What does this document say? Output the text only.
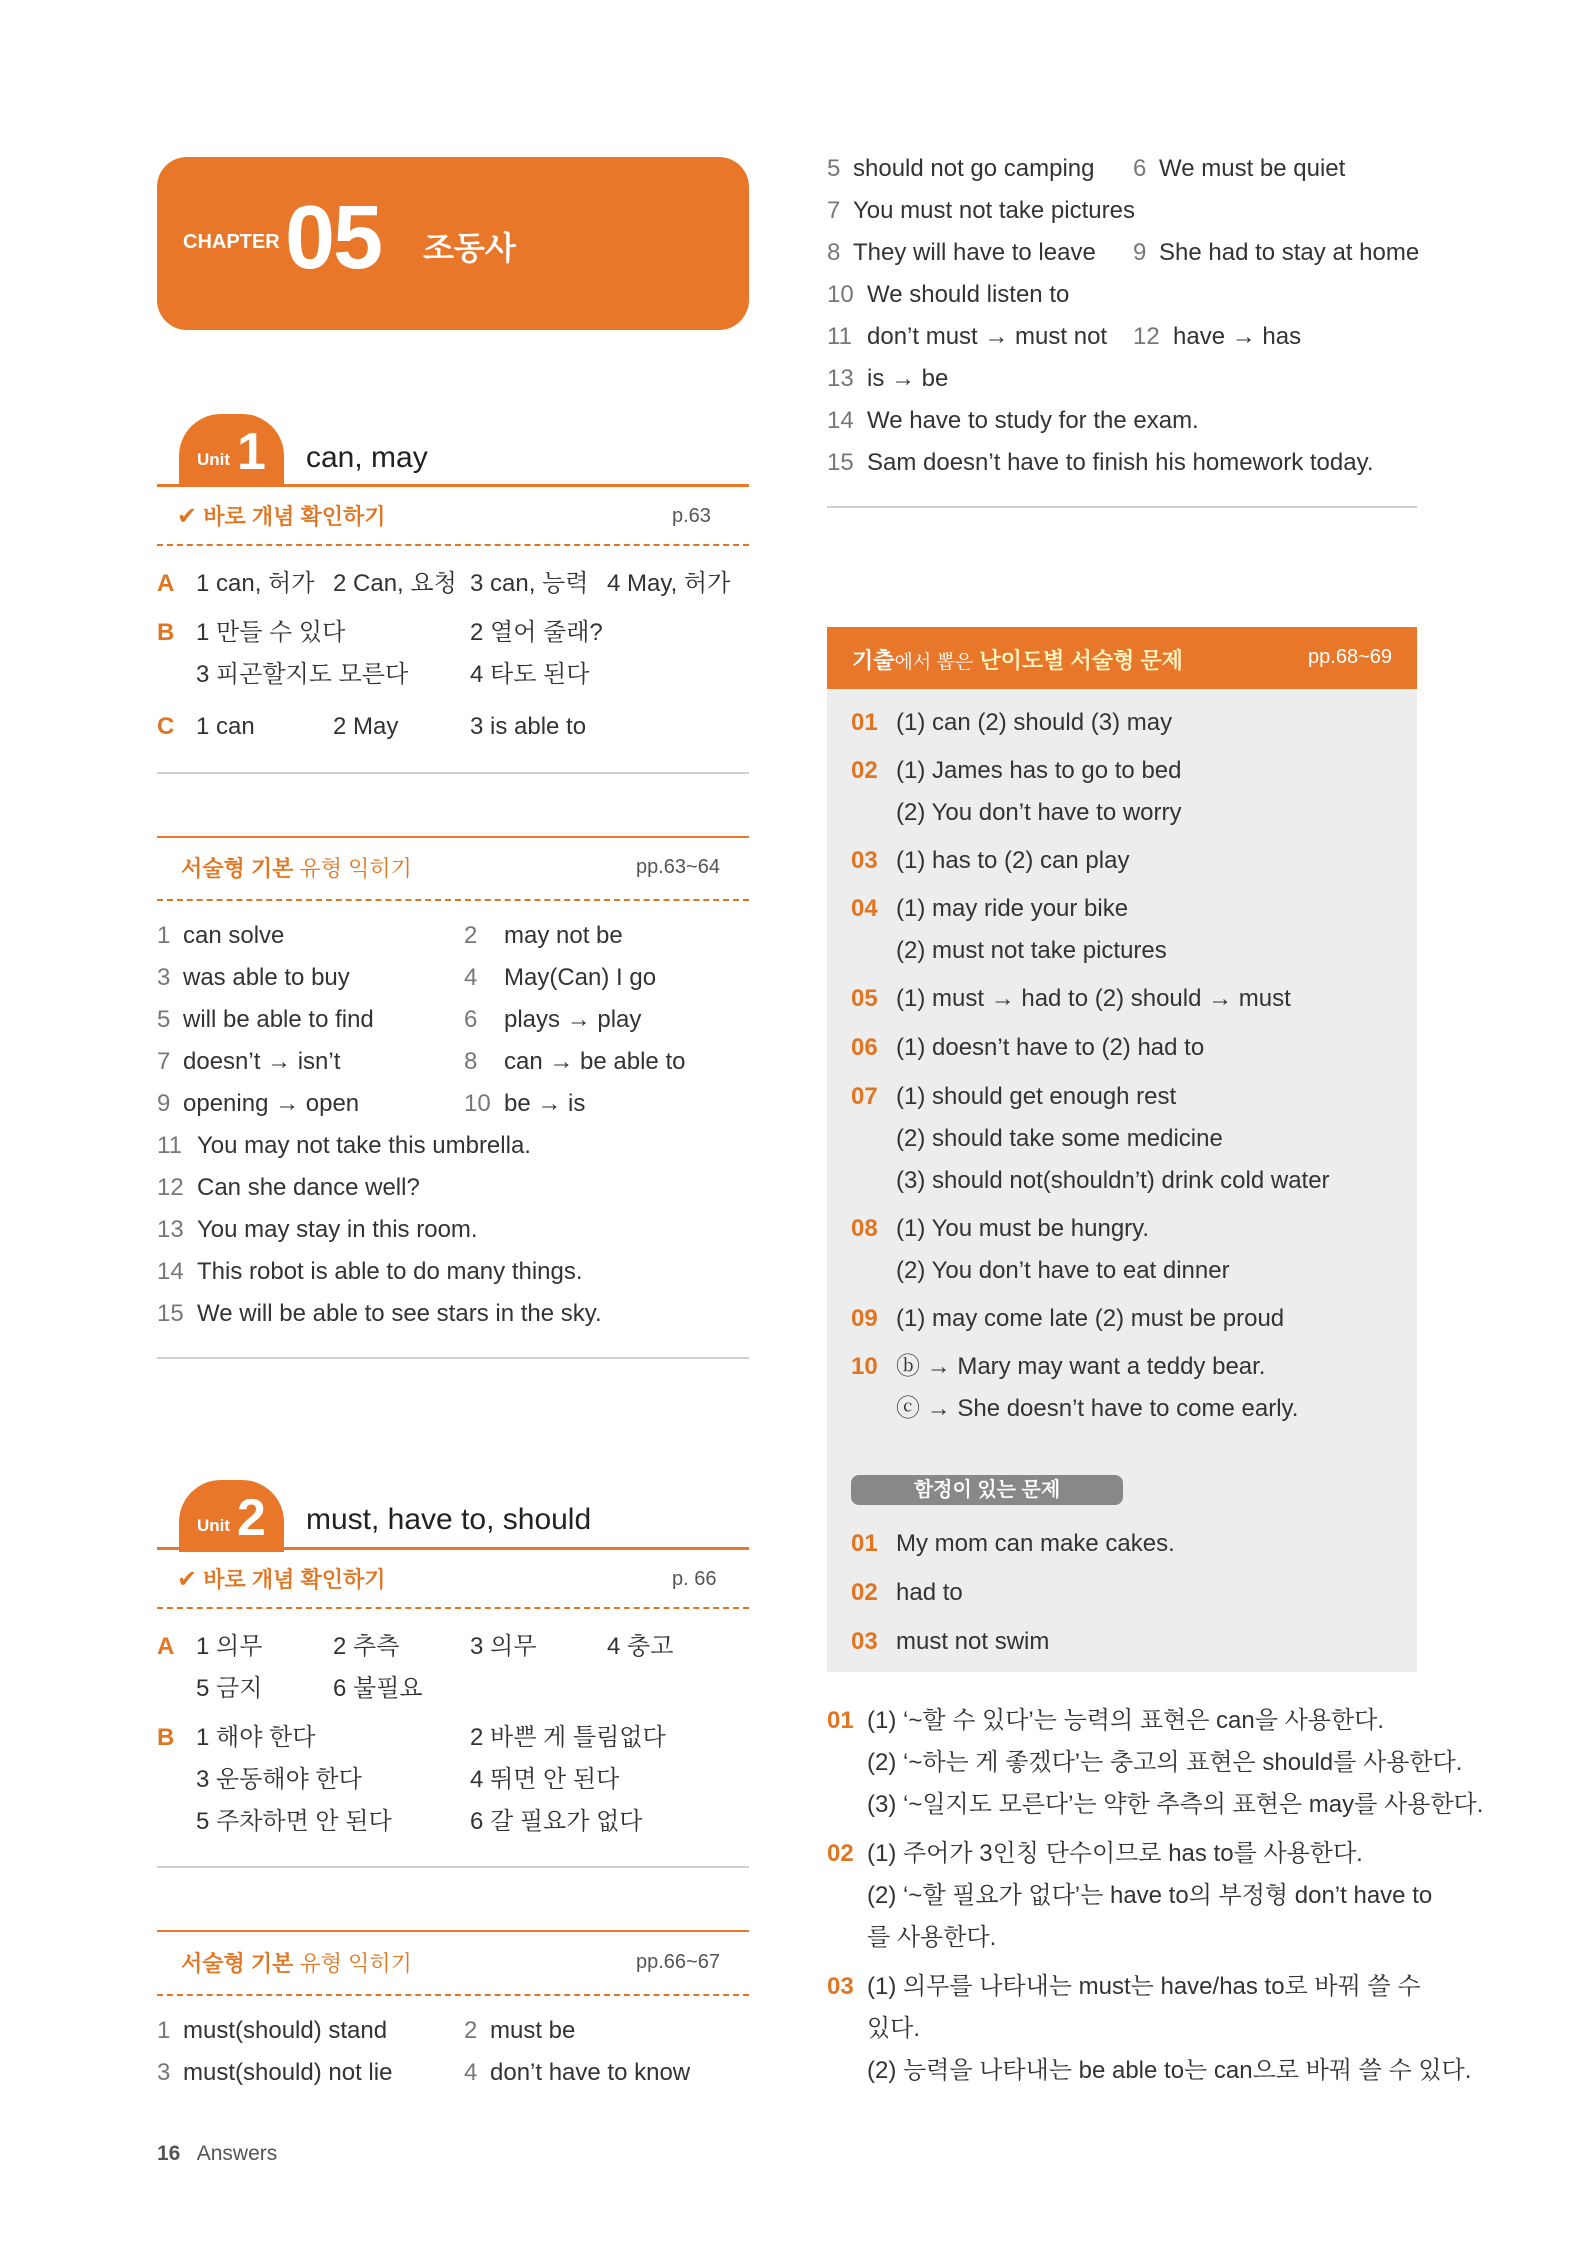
CHAPTER 05 조동사
Unit 1 can, may
✔ 바로 개념 확인하기	p.63
A 1 can, 허가 2 Can, 요청 3 can, 능력 4 May, 허가
B 1 만들 수 있다	2 열어 줄래?
3 피곤할지도 모른다	4 타도 된다
C 1 can	2 May	3 is able to
서술형 기본 유형 익히기	pp.63~64
1 can solve	2 may not be
3 was able to buy	4 May(Can) I go
5 will be able to find	6 plays → play
7 doesn’t → isn’t	8 can → be able to
9 opening → open	10 be → is
11 You may not take this umbrella.
12 Can she dance well?
13 You may stay in this room.
14 This robot is able to do many things.
15 We will be able to see stars in the sky.
Unit 2 must, have to, should
✔ 바로 개념 확인하기	p. 66
A 1 의무	2 추측	3 의무	4 충고
5 금지	6 불필요
B 1 해야 한다	2 바쁜 게 틀림없다
3 운동해야 한다	4 뛰면 안 된다
5 주차하면 안 된다	6 갈 필요가 없다
서술형 기본 유형 익히기	pp.66~67
1 must(should) stand	2 must be
3 must(should) not lie	4 don’t have to know
16 Answers
5 should not go camping 6 We must be quiet
7 You must not take pictures
8 They will have to leave 9 She had to stay at home
10 We should listen to
11 don’t must → must not 12 have → has
13 is → be
14 We have to study for the exam.
15 Sam doesn’t have to finish his homework today.
기출에서 뽑은 난이도별 서술형 문제	pp.68~69
01 (1) can (2) should (3) may
02 (1) James has to go to bed
(2) You don’t have to worry
03 (1) has to (2) can play
04 (1) may ride your bike
(2) must not take pictures
05 (1) must → had to (2) should → must
06 (1) doesn’t have to (2) had to
07 (1) should get enough rest
(2) should take some medicine
(3) should not(shouldn’t) drink cold water
08 (1) You must be hungry.
(2) You don’t have to eat dinner
09 (1) may come late (2) must be proud
10 ⓑ → Mary may want a teddy bear.
ⓒ → She doesn’t have to come early.
함정이 있는 문제
01 My mom can make cakes.
02 had to
03 must not swim
01 (1) ‘~할 수 있다’는 능력의 표현은 can을 사용한다.
(2) ‘~하는 게 좋겠다’는 충고의 표현은 should를 사용한다.
(3) ‘~일지도 모른다’는 약한 추측의 표현은 may를 사용한다.
02 (1) 주어가 3인칭 단수이므로 has to를 사용한다.
(2) ‘~할 필요가 없다’는 have to의 부정형 don’t have to
를 사용한다.
03 (1) 의무를 나타내는 must는 have/has to로 바꿔 쓸 수
있다.
(2) 능력을 나타내는 be able to는 can으로 바꿔 쓸 수 있다.
